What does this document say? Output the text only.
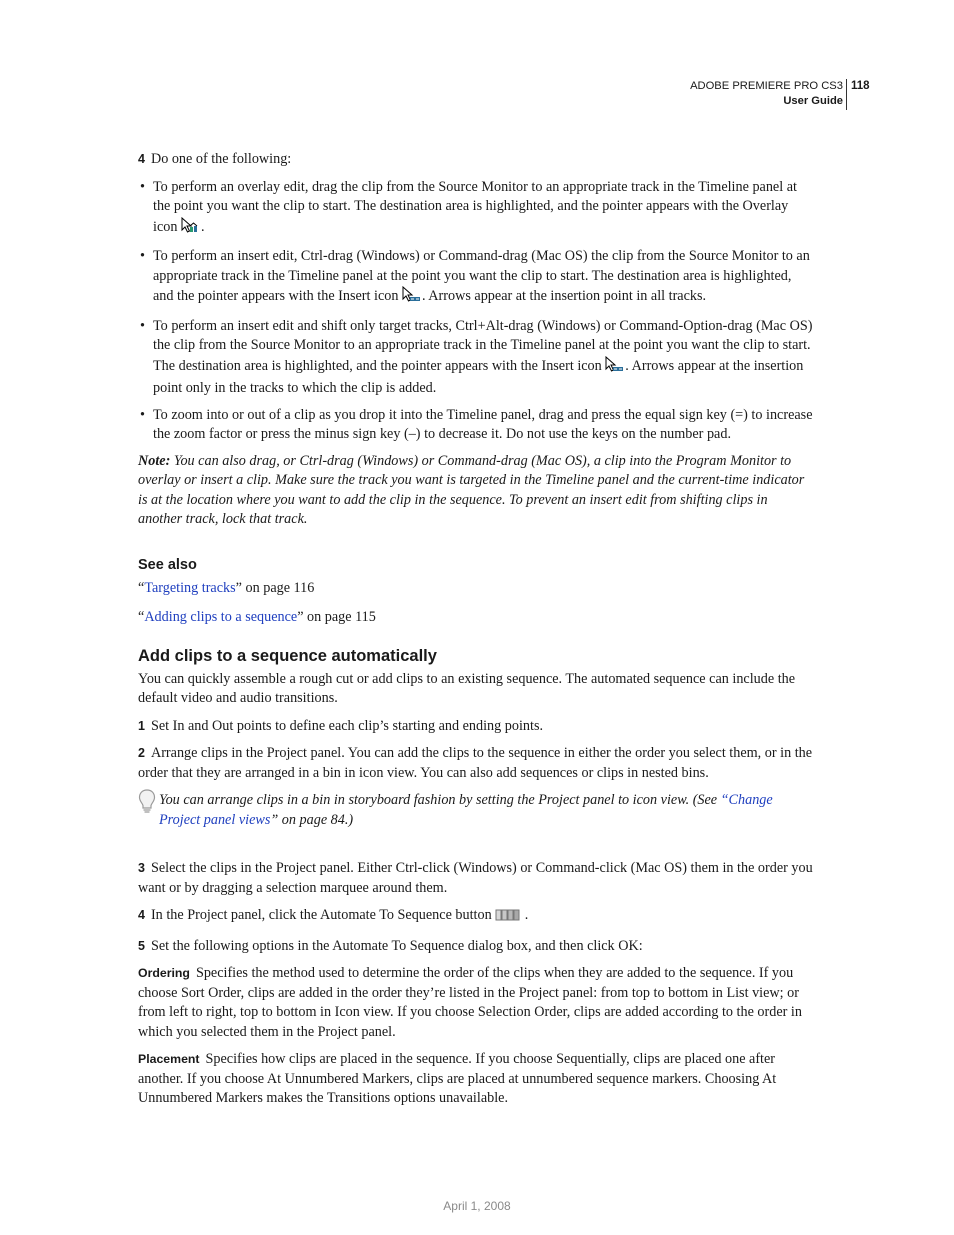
ADOBE PREMIERE PRO CS3
User Guide
118

4 Do one of the following:

• To perform an overlay edit, drag the clip from the Source Monitor to an appropriate track in the Timeline panel at the point you want the clip to start. The destination area is highlighted, and the pointer appears with the Overlay icon .
• To perform an insert edit, Ctrl-drag (Windows) or Command-drag (Mac OS) the clip from the Source Monitor to an appropriate track in the Timeline panel at the point you want the clip to start. The destination area is highlighted, and the pointer appears with the Insert icon . Arrows appear at the insertion point in all tracks.
• To perform an insert edit and shift only target tracks, Ctrl+Alt-drag (Windows) or Command-Option-drag (Mac OS) the clip from the Source Monitor to an appropriate track in the Timeline panel at the point you want the clip to start. The destination area is highlighted, and the pointer appears with the Insert icon . Arrows appear at the insertion point only in the tracks to which the clip is added.
• To zoom into or out of a clip as you drop it into the Timeline panel, drag and press the equal sign key (=) to increase the zoom factor or press the minus sign key (–) to decrease it. Do not use the keys on the number pad.

Note: You can also drag, or Ctrl-drag (Windows) or Command-drag (Mac OS), a clip into the Program Monitor to overlay or insert a clip. Make sure the track you want is targeted in the Timeline panel and the current-time indicator is at the location where you want to add the clip in the sequence. To prevent an insert edit from shifting clips in another track, lock that track.

See also

“Targeting tracks” on page 116

“Adding clips to a sequence” on page 115

Add clips to a sequence automatically

You can quickly assemble a rough cut or add clips to an existing sequence. The automated sequence can include the default video and audio transitions.

1 Set In and Out points to define each clip’s starting and ending points.

2 Arrange clips in the Project panel. You can add the clips to the sequence in either the order you select them, or in the order that they are arranged in a bin in icon view. You can also add sequences or clips in nested bins.

You can arrange clips in a bin in storyboard fashion by setting the Project panel to icon view. (See “Change Project panel views” on page 84.)

3 Select the clips in the Project panel. Either Ctrl-click (Windows) or Command-click (Mac OS) them in the order you want or by dragging a selection marquee around them.

4 In the Project panel, click the Automate To Sequence button  .

5 Set the following options in the Automate To Sequence dialog box, and then click OK:

Ordering Specifies the method used to determine the order of the clips when they are added to the sequence. If you choose Sort Order, clips are added in the order they’re listed in the Project panel: from top to bottom in List view; or from left to right, top to bottom in Icon view. If you choose Selection Order, clips are added according to the order in which you selected them in the Project panel.

Placement Specifies how clips are placed in the sequence. If you choose Sequentially, clips are placed one after another. If you choose At Unnumbered Markers, clips are placed at unnumbered sequence markers. Choosing At Unnumbered Markers makes the Transitions options unavailable.

April 1, 2008
